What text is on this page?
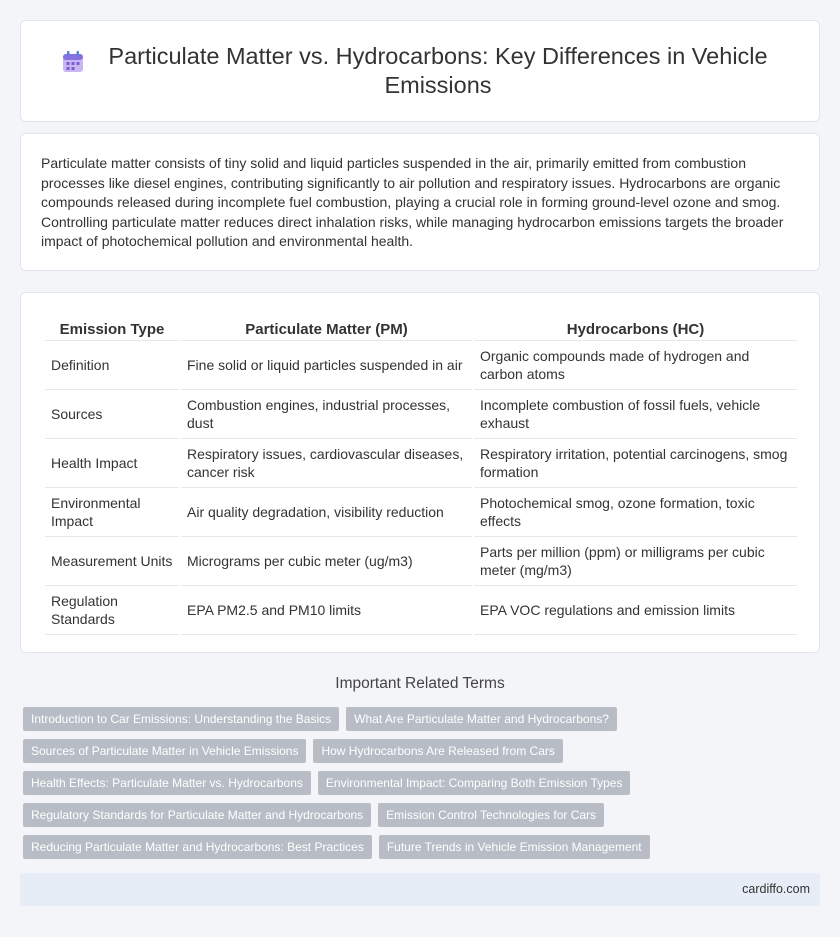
Particulate Matter vs. Hydrocarbons: Key Differences in Vehicle Emissions

Particulate matter consists of tiny solid and liquid particles suspended in the air, primarily emitted from combustion processes like diesel engines, contributing significantly to air pollution and respiratory issues. Hydrocarbons are organic compounds released during incomplete fuel combustion, playing a crucial role in forming ground-level ozone and smog. Controlling particulate matter reduces direct inhalation risks, while managing hydrocarbon emissions targets the broader impact of photochemical pollution and environmental health.

Emission Type	Particulate Matter (PM)	Hydrocarbons (HC)
Definition	Fine solid or liquid particles suspended in air	Organic compounds made of hydrogen and carbon atoms
Sources	Combustion engines, industrial processes, dust	Incomplete combustion of fossil fuels, vehicle exhaust
Health Impact	Respiratory issues, cardiovascular diseases, cancer risk	Respiratory irritation, potential carcinogens, smog formation
Environmental Impact	Air quality degradation, visibility reduction	Photochemical smog, ozone formation, toxic effects
Measurement Units	Micrograms per cubic meter (ug/m3)	Parts per million (ppm) or milligrams per cubic meter (mg/m3)
Regulation Standards	EPA PM2.5 and PM10 limits	EPA VOC regulations and emission limits
Important Related Terms
Introduction to Car Emissions: Understanding the Basics	What Are Particulate Matter and Hydrocarbons?
Sources of Particulate Matter in Vehicle Emissions	How Hydrocarbons Are Released from Cars
Health Effects: Particulate Matter vs. Hydrocarbons	Environmental Impact: Comparing Both Emission Types
Regulatory Standards for Particulate Matter and Hydrocarbons	Emission Control Technologies for Cars
Reducing Particulate Matter and Hydrocarbons: Best Practices	Future Trends in Vehicle Emission Management
cardiffo.com
